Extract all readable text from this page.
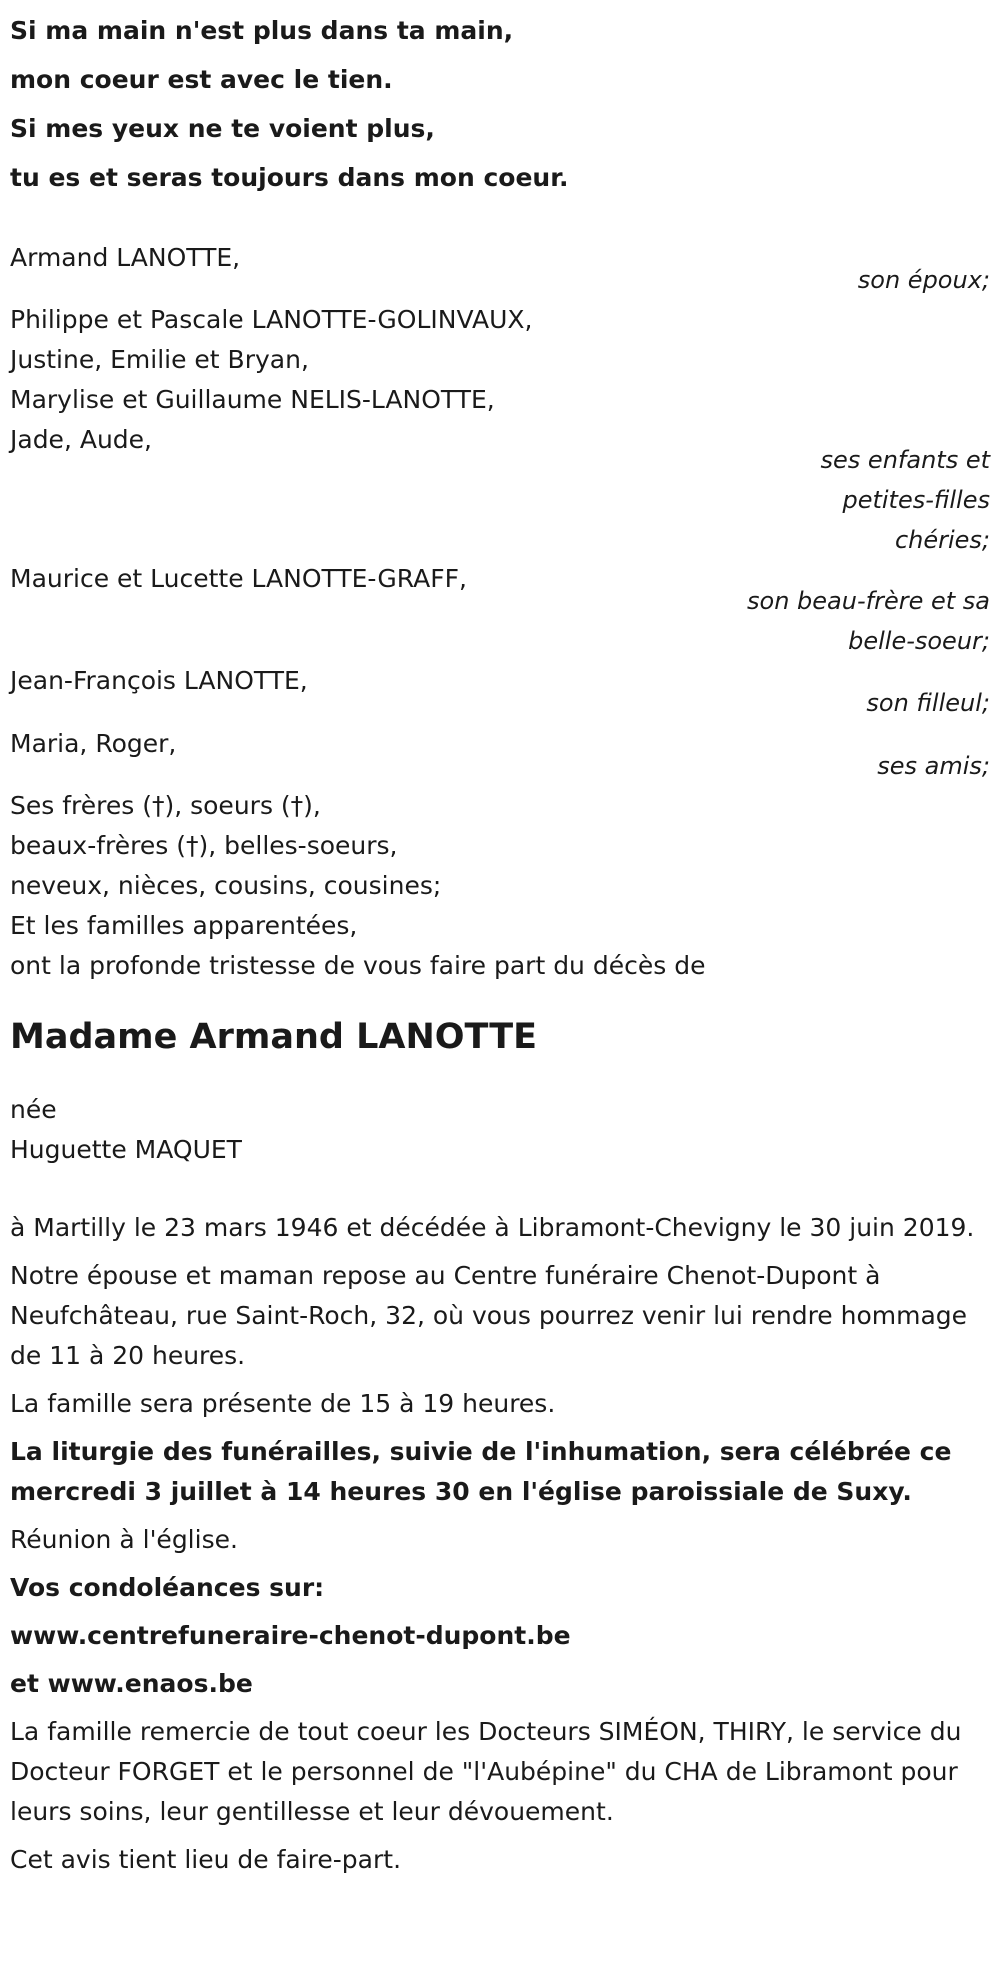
Si ma main n'est plus dans ta main,
mon coeur est avec le tien.
Si mes yeux ne te voient plus,
tu es et seras toujours dans mon coeur.
Armand LANOTTE,
son époux;
Philippe et Pascale LANOTTE-GOLINVAUX,
Justine, Emilie et Bryan,
Marylise et Guillaume NELIS-LANOTTE,
Jade, Aude,
ses enfants et
petites-filles
chéries;
Maurice et Lucette LANOTTE-GRAFF,
son beau-frère et sa
belle-soeur;
Jean-François LANOTTE,
son filleul;
Maria, Roger,
ses amis;
Ses frères (†), soeurs (†),
beaux-frères (†), belles-soeurs,
neveux, nièces, cousins, cousines;
Et les familles apparentées,
ont la profonde tristesse de vous faire part du décès de
Madame Armand LANOTTE
née
Huguette MAQUET

à Martilly le 23 mars 1946 et décédée à Libramont-Chevigny le 30 juin 2019.

Notre épouse et maman repose au Centre funéraire Chenot-Dupont à Neufchâteau, rue Saint-Roch, 32, où vous pourrez venir lui rendre hommage de 11 à 20 heures.

La famille sera présente de 15 à 19 heures.

La liturgie des funérailles, suivie de l'inhumation, sera célébrée ce mercredi 3 juillet à 14 heures 30 en l'église paroissiale de Suxy.

Réunion à l'église.

Vos condoléances sur:

www.centrefuneraire-chenot-dupont.be

et www.enaos.be

La famille remercie de tout coeur les Docteurs SIMÉON, THIRY, le service du Docteur FORGET et le personnel de "l'Aubépine" du CHA de Libramont pour leurs soins, leur gentillesse et leur dévouement.

Cet avis tient lieu de faire-part.
